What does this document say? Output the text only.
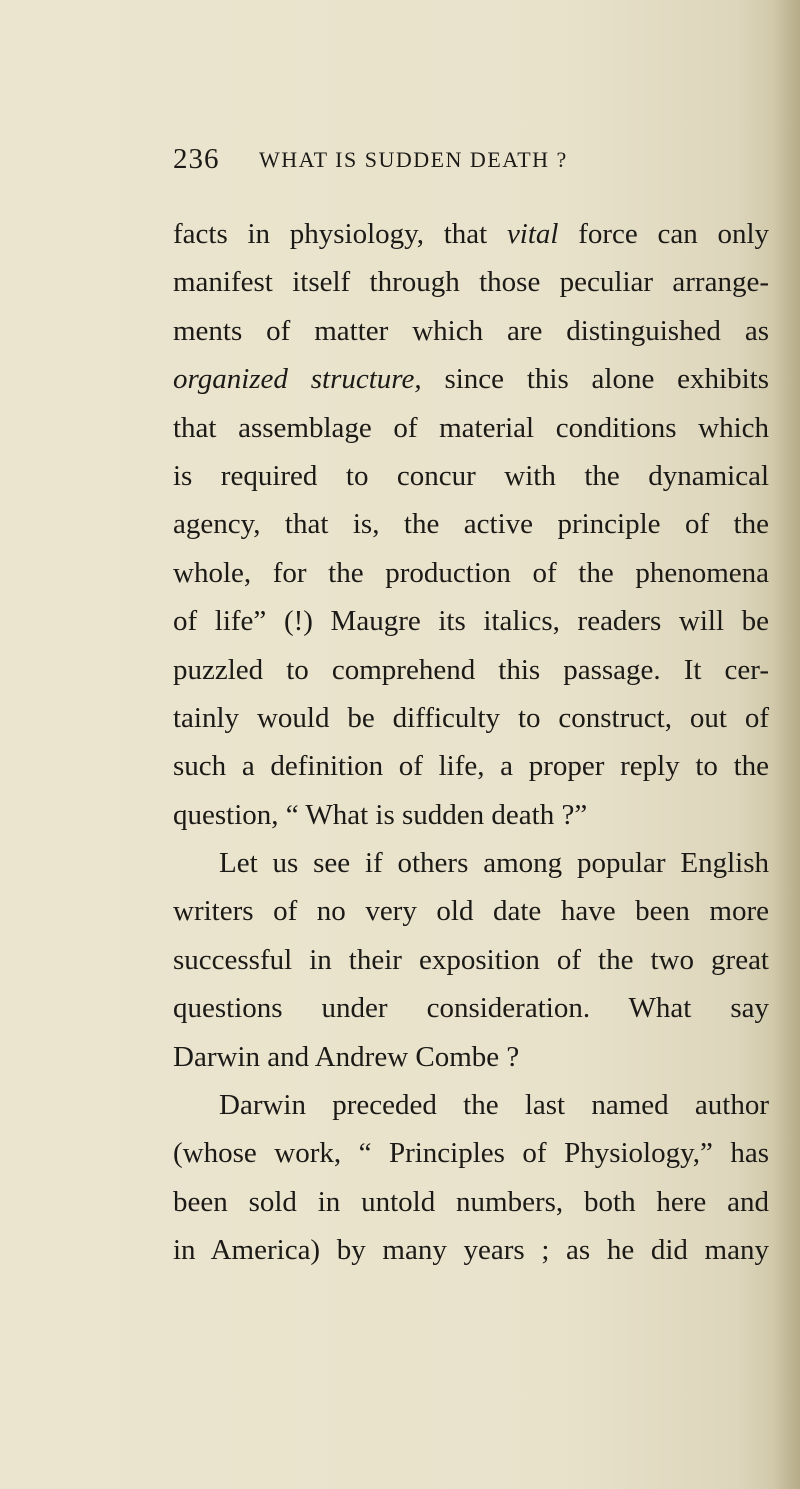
236 WHAT IS SUDDEN DEATH ?
facts in physiology, that vital force can only
manifest itself through those peculiar arrange-
ments of matter which are distinguished as
organized structure, since this alone exhibits
that assemblage of material conditions which
is required to concur with the dynamical
agency, that is, the active principle of the
whole, for the production of the phenomena
of life” (!) Maugre its italics, readers will be
puzzled to comprehend this passage. It cer-
tainly would be difficulty to construct, out of
such a definition of life, a proper reply to the
question, “ What is sudden death ?”
Let us see if others among popular English
writers of no very old date have been more
successful in their exposition of the two great
questions under consideration. What say
Darwin and Andrew Combe ?
Darwin preceded the last named author
(whose work, “ Principles of Physiology,” has
been sold in untold numbers, both here and
in America) by many years ; as he did many
